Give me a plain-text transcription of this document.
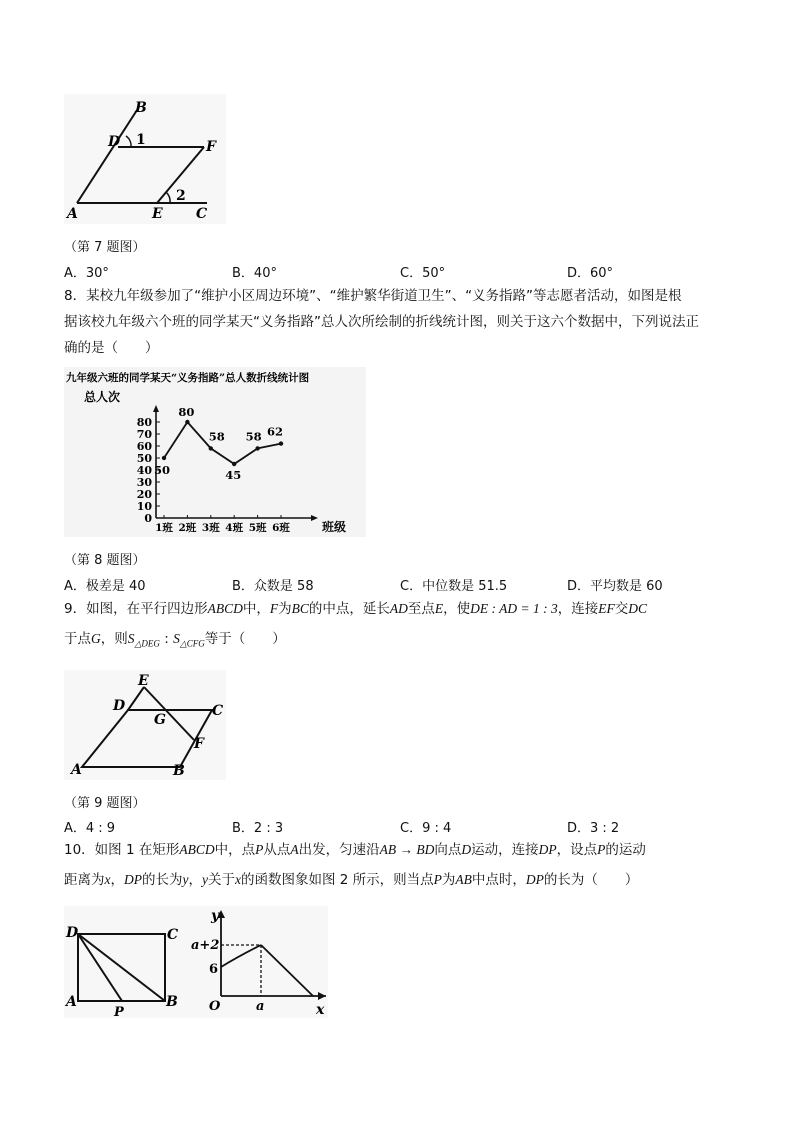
B
D 1	F
2
A	E C
（第 7 题图）
A．30°	B．40°	C．50°	D．60°
8．某校九年级参加了“维护小区周边环境”、“维护繁华街道卫生”、“义务指路”等志愿者活动，如图是根
据该校九年级六个班的同学某天“义务指路”总人次所绘制的折线统计图，则关于这六个数据中，下列说法正
确的是（　　）
九年级六班的同学某天“义务指路”总人数折线统计图
总人次
班级
0
10
20
30
40
50
60
70
80
1班 2班 3班 4班 5班 6班
50
80
58
45
58 62
（第 8 题图）
A．极差是 40	B．众数是 58	C．中位数是 51.5	D．平均数是 60
9．如图，在平行四边形ABCD中，F为BC的中点，延长AD至点E，使DE : AD = 1 : 3，连接EF交DC
于点G，则$S_{\triangle DEG}$ : $S_{\triangle CFG}$等于（　　）
E
D
G
C
F
A	B
（第 9 题图）
A．4 : 9	B．2 : 3	C．9 : 4	D．3 : 2
10．如图 1 在矩形ABCD中，点P从点A出发，匀速沿AB → BD向点D运动，连接DP，设点P的运动
距离为x，DP的长为y，y关于x的函数图象如图 2 所示，则当点P为AB中点时，DP的长为（　　）
D	C
A
P
B
y
a+2
6
O	a	x
